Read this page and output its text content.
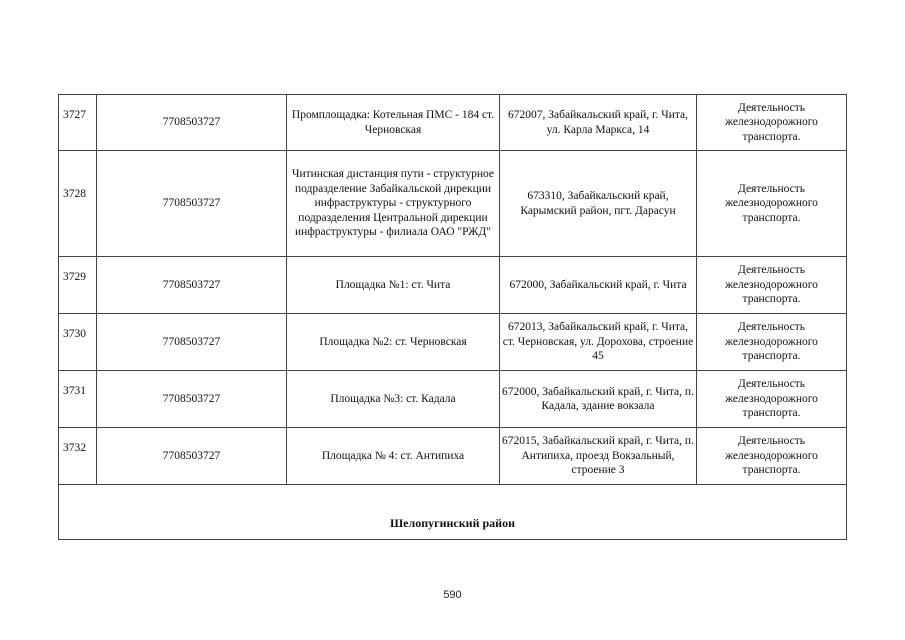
3727	7708503727	Промплощадка: Котельная ПМС - 184 ст. Черновская	672007, Забайкальский край, г. Чита, ул. Карла Маркса, 14	Деятельность железнодорожного транспорта.
3728	7708503727	Читинская дистанция пути - структурное подразделение Забайкальской дирекции инфраструктуры - структурного подразделения Центральной дирекции инфраструктуры - филиала ОАО "РЖД"	673310, Забайкальский край, Карымский район, пгт. Дарасун	Деятельность железнодорожного транспорта.
3729	7708503727	Площадка №1: ст. Чита	672000, Забайкальский край, г. Чита	Деятельность железнодорожного транспорта.
3730	7708503727	Площадка №2: ст. Черновская	672013, Забайкальский край, г. Чита, ст. Черновская, ул. Дорохова, строение 45	Деятельность железнодорожного транспорта.
3731	7708503727	Площадка №3: ст. Кадала	672000, Забайкальский край, г. Чита, п. Кадала, здание вокзала	Деятельность железнодорожного транспорта.
3732	7708503727	Площадка № 4: ст. Антипиха	672015, Забайкальский край, г. Чита, п. Антипиха, проезд Вокзальный, строение 3	Деятельность железнодорожного транспорта.
Шелопугинский район				
590
